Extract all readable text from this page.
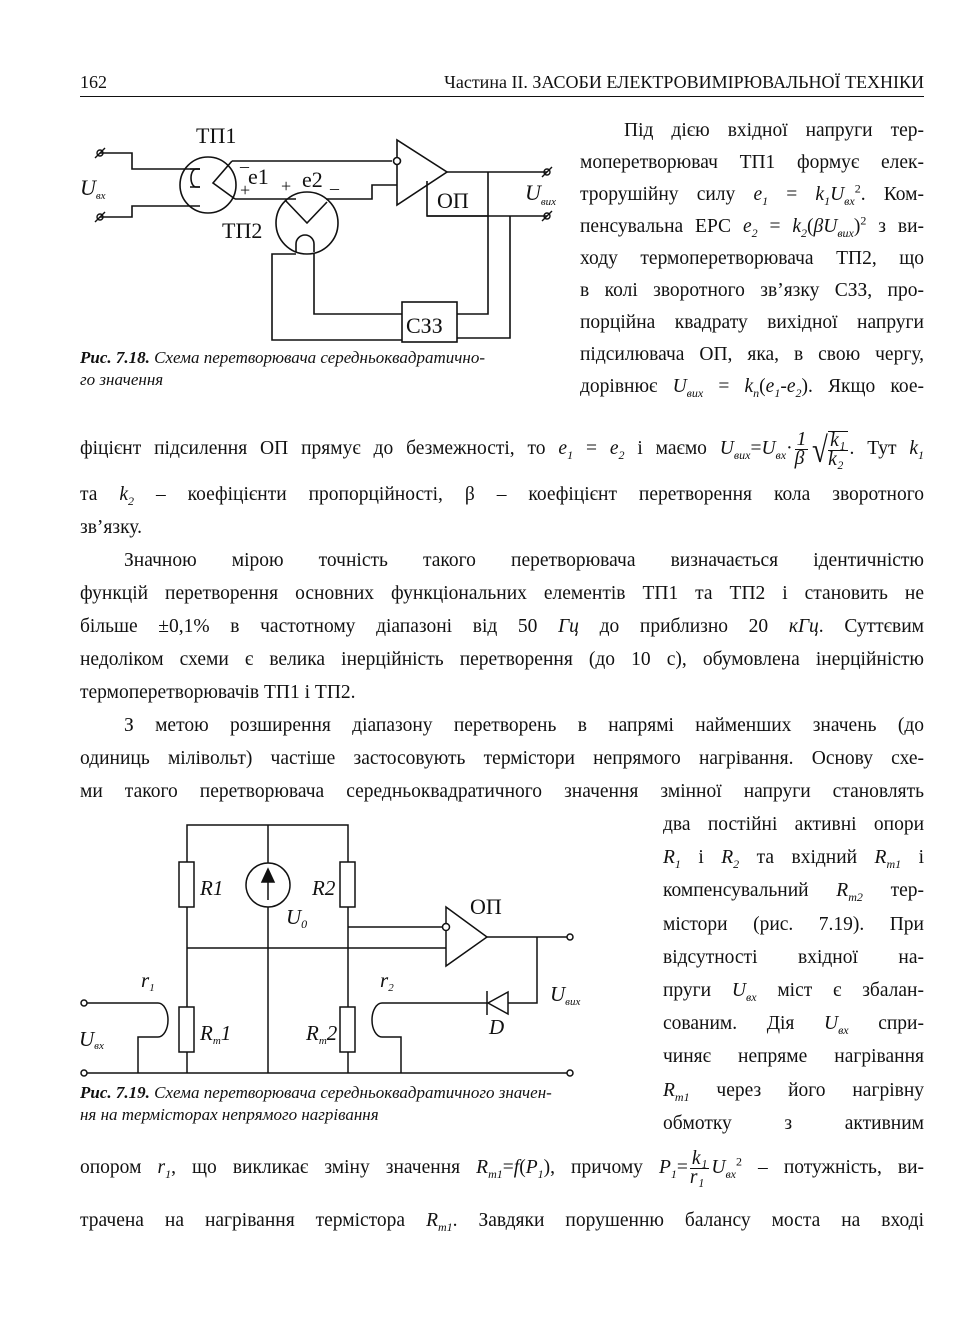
162	Частина ІІ. ЗАСОБИ ЕЛЕКТРОВИМІРЮВАЛЬНОЇ ТЕХНІКИ
ТП1
ТП2
e1 e2
–
+ + –	ОП
СЗЗ
Uвх	$U_{вих}$
Рис. 7.18. Схема перетворювача середньоквадратично-
го значення
R1	R2
U0
ОП
Rт1	Rт2
r1	r2
D
Uвх
Uвих
Рис. 7.19. Схема перетворювача середньоквадратичного значен-
ня на термісторах непрямого нагрівання
Під дією вхідної напруги тер-
моперетворювач ТП1 формує елек-
трорушійну силу $e_1 = k_1U_{вх}^2$. Ком-
пенсувальна ЕРС $e_2 = k_2(\beta U_{вих})^2$ з ви-
ходу термоперетворювача ТП2, що
в колі зворотного зв’язку СЗЗ, про-
порційна квадрату вихідної напруги
підсилювача ОП, яка, в свою чергу,
дорівнює $U_{вих} = k_п(e_1-e_2)$. Якщо кое-
фіцієнт підсилення ОП прямує до безмежності, то $e_1 = e_2$ і маємо $U_{вих}=U_{вх}\cdot \frac{1}{\beta}$ √ $\frac{\text{k₁}}{\text{k₂}}$ . Тут $k_1$
та $k_2$ – коефіцієнти пропорційності, β – коефіцієнт перетворення кола зворотного
зв’язку.
Значною мірою точність такого перетворювача визначається ідентичністю
функцій перетворення основних функціональних елементів ТП1 та ТП2 і становить не
більше ±0,1% в частотному діапазоні від 50 Гц до приблизно 20 кГц. Суттєвим
недоліком схеми є велика інерційність перетворення (до 10 с), обумовлена інерційністю
термоперетворювачів ТП1 і ТП2.
З метою розширення діапазону перетворень в напрямі найменших значень (до
одиниць мілівольт) частіше застосовують термістори непрямого нагрівання. Основу схе-
ми такого перетворювача середньоквадратичного значення змінної напруги становлять
два постійні активні опори
$R_1$ і $R_2$ та вхідний $R_{т1}$ і
компенсувальний $R_{т2}$ тер-
містори (рис. 7.19). При
відсутності вхідної на-
пруги $U_{вх}$ міст є збалан-
сованим. Дія $U_{вх}$ спри-
чиняє непряме нагрівання
$R_{т1}$ через його нагрівну
обмотку з активним
опором $r_1$, що викликає зміну значення $R_{т1}=f(P_1)$, причому $P_1= \frac{\text{k₁}}{\text{r₁}} U_{вх}^2$ – потужність, ви-
трачена на нагрівання термістора $R_{т1}$. Завдяки порушенню балансу моста на вході
